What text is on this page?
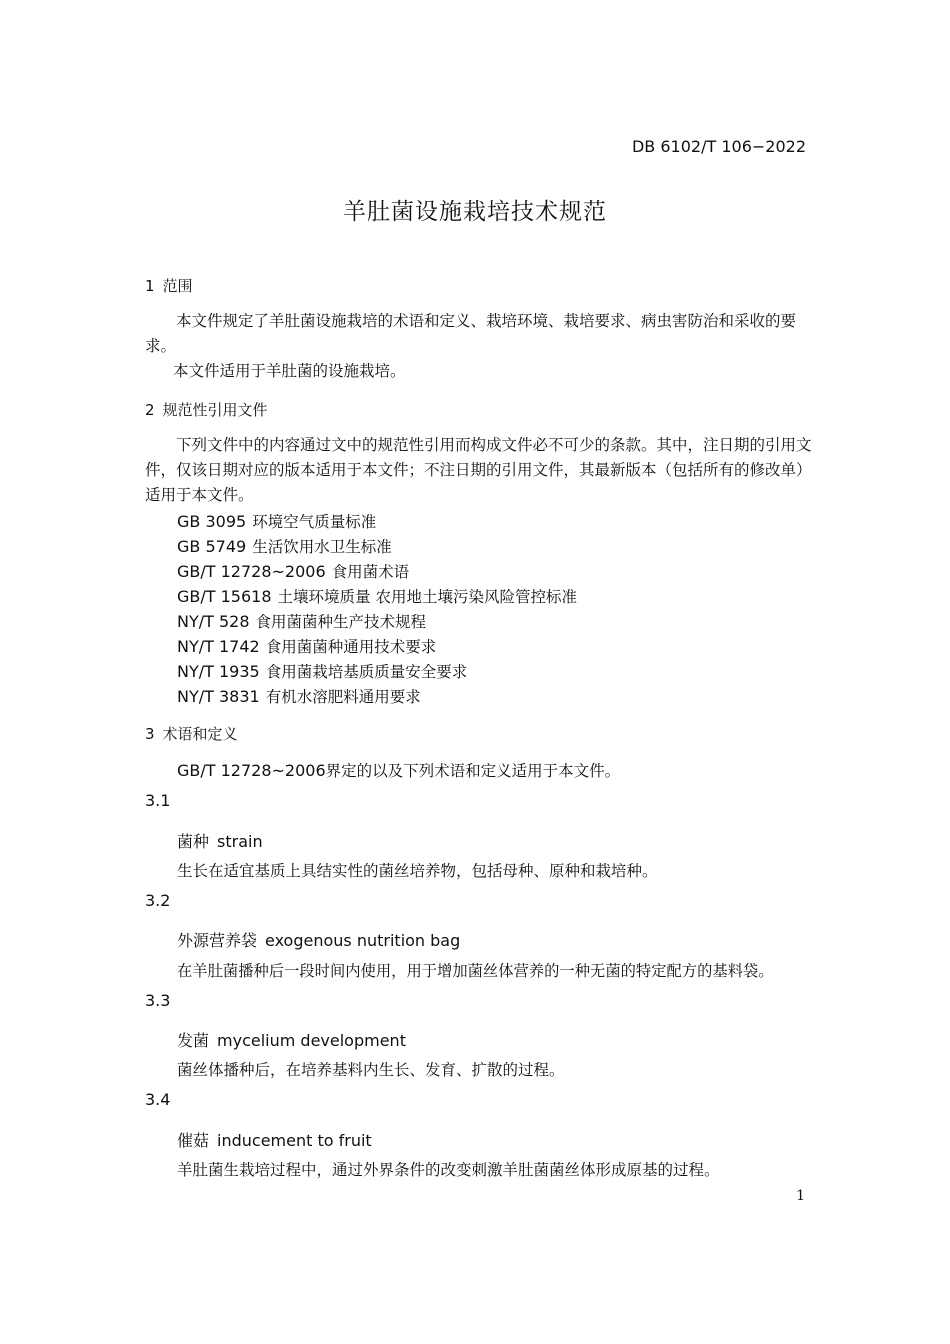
DB 6102/T 106−2022
羊肚菌设施栽培技术规范
1 范围
本文件规定了羊肚菌设施栽培的术语和定义、栽培环境、栽培要求、病虫害防治和采收的要求。
本文件适用于羊肚菌的设施栽培。
2 规范性引用文件
下列文件中的内容通过文中的规范性引用而构成文件必不可少的条款。其中，注日期的引用文件，仅该日期对应的版本适用于本文件；不注日期的引用文件，其最新版本（包括所有的修改单）适用于本文件。
GB 3095 环境空气质量标准
GB 5749 生活饮用水卫生标准
GB/T 12728~2006 食用菌术语
GB/T 15618 土壤环境质量 农用地土壤污染风险管控标准
NY/T 528 食用菌菌种生产技术规程
NY/T 1742 食用菌菌种通用技术要求
NY/T 1935 食用菌栽培基质质量安全要求
NY/T 3831 有机水溶肥料通用要求
3 术语和定义
GB/T 12728~2006界定的以及下列术语和定义适用于本文件。
3.1
菌种 strain
生长在适宜基质上具结实性的菌丝培养物，包括母种、原种和栽培种。
3.2
外源营养袋 exogenous nutrition bag
在羊肚菌播种后一段时间内使用，用于增加菌丝体营养的一种无菌的特定配方的基料袋。
3.3
发菌 mycelium development
菌丝体播种后，在培养基料内生长、发育、扩散的过程。
3.4
催菇 inducement to fruit
羊肚菌生栽培过程中，通过外界条件的改变刺激羊肚菌菌丝体形成原基的过程。
1
